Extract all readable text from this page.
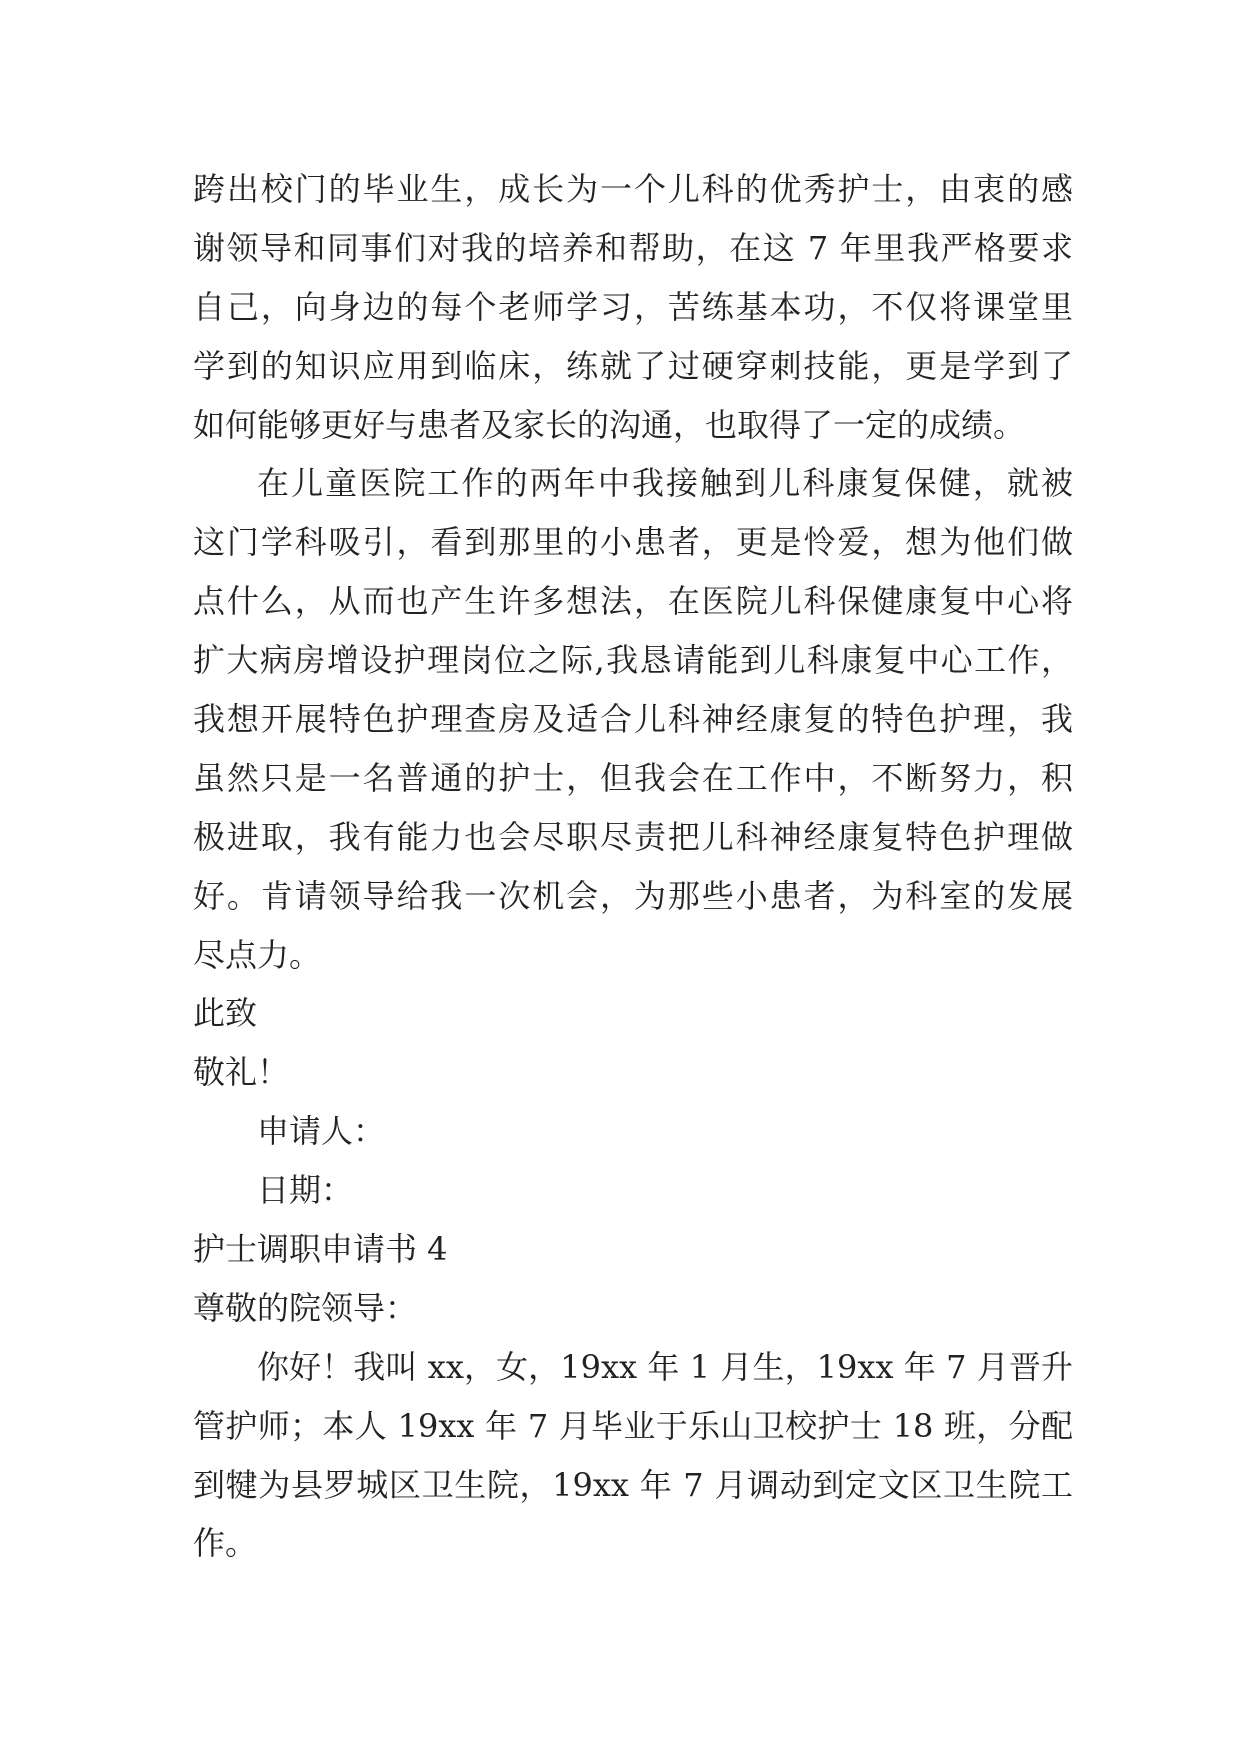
跨出校门的毕业生，成长为一个儿科的优秀护士，由衷的感
谢领导和同事们对我的培养和帮助，在这 7 年里我严格要求
自己，向身边的每个老师学习，苦练基本功，不仅将课堂里
学到的知识应用到临床，练就了过硬穿刺技能，更是学到了
如何能够更好与患者及家长的沟通，也取得了一定的成绩。
在儿童医院工作的两年中我接触到儿科康复保健，就被
这门学科吸引，看到那里的小患者，更是怜爱，想为他们做
点什么，从而也产生许多想法，在医院儿科保健康复中心将
扩大病房增设护理岗位之际,我恳请能到儿科康复中心工作，
我想开展特色护理查房及适合儿科神经康复的特色护理，我
虽然只是一名普通的护士，但我会在工作中，不断努力，积
极进取，我有能力也会尽职尽责把儿科神经康复特色护理做
好。肯请领导给我一次机会，为那些小患者，为科室的发展
尽点力。
此致
敬礼！
申请人：
日期：
护士调职申请书 4
尊敬的院领导：
你好！我叫 xx，女，19xx 年 1 月生，19xx 年 7 月晋升
管护师；本人 19xx 年 7 月毕业于乐山卫校护士 18 班，分配
到犍为县罗城区卫生院，19xx 年 7 月调动到定文区卫生院工
作。
